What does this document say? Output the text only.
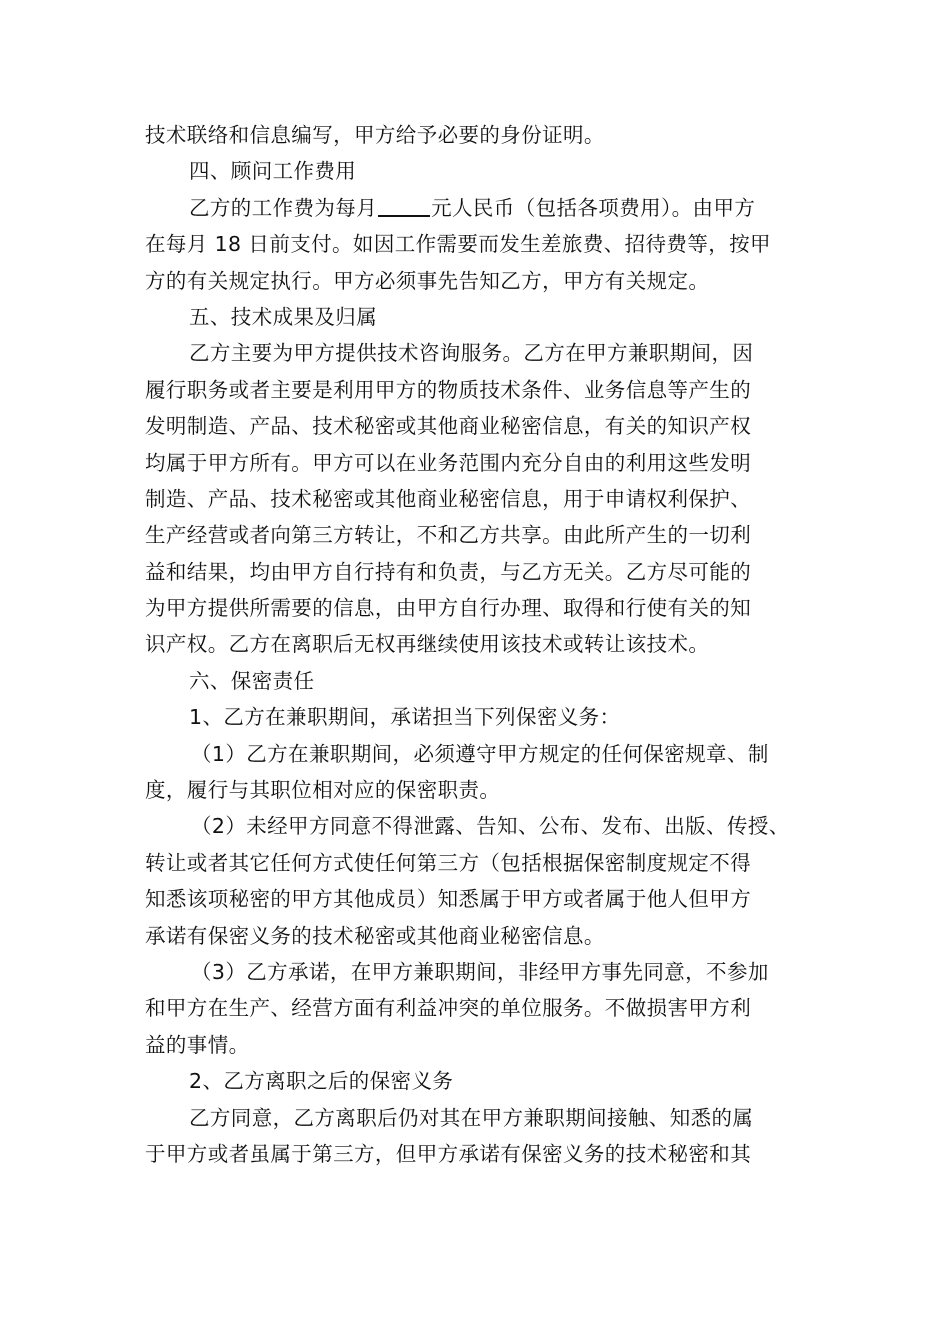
技术联络和信息编写，甲方给予必要的身份证明。
四、顾问工作费用
乙方的工作费为每月	元人民币（包括各项费用）。由甲方
在每月 18 日前支付。如因工作需要而发生差旅费、招待费等，按甲
方的有关规定执行。甲方必须事先告知乙方，甲方有关规定。
五、技术成果及归属
乙方主要为甲方提供技术咨询服务。乙方在甲方兼职期间，因
履行职务或者主要是利用甲方的物质技术条件、业务信息等产生的
发明制造、产品、技术秘密或其他商业秘密信息，有关的知识产权
均属于甲方所有。甲方可以在业务范围内充分自由的利用这些发明
制造、产品、技术秘密或其他商业秘密信息，用于申请权利保护、
生产经营或者向第三方转让，不和乙方共享。由此所产生的一切利
益和结果，均由甲方自行持有和负责，与乙方无关。乙方尽可能的
为甲方提供所需要的信息，由甲方自行办理、取得和行使有关的知
识产权。乙方在离职后无权再继续使用该技术或转让该技术。
六、保密责任
1、乙方在兼职期间，承诺担当下列保密义务：
（1）乙方在兼职期间，必须遵守甲方规定的任何保密规章、制
度，履行与其职位相对应的保密职责。
（2）未经甲方同意不得泄露、告知、公布、发布、出版、传授、
转让或者其它任何方式使任何第三方（包括根据保密制度规定不得
知悉该项秘密的甲方其他成员）知悉属于甲方或者属于他人但甲方
承诺有保密义务的技术秘密或其他商业秘密信息。
（3）乙方承诺，在甲方兼职期间，非经甲方事先同意，不参加
和甲方在生产、经营方面有利益冲突的单位服务。不做损害甲方利
益的事情。
2、乙方离职之后的保密义务
乙方同意，乙方离职后仍对其在甲方兼职期间接触、知悉的属
于甲方或者虽属于第三方，但甲方承诺有保密义务的技术秘密和其
